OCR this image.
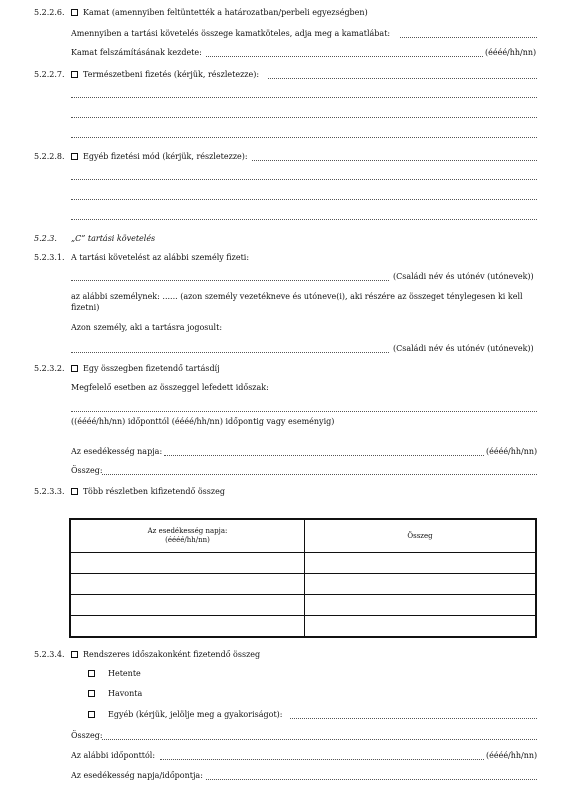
5.2.2.6. Kamat (amennyiben feltüntették a határozatban/perbeli egyezségben)
Amennyiben a tartási követelés összege kamatköteles, adja meg a kamatlábat:
Kamat felszámításának kezdete:	(éééé/hh/nn)
5.2.2.7. Természetbeni fizetés (kérjük, részletezze):
5.2.2.8. Egyéb fizetési mód (kérjük, részletezze):
5.2.3. „C” tartási követelés
5.2.3.1. A tartási követelést az alábbi személy fizeti:
(Családi név és utónév (utónevek))
az alábbi személynek: ...... (azon személy vezetékneve és utóneve(i), aki részére az összeget ténylegesen ki kell
fizetni)
Azon személy, aki a tartásra jogosult:
(Családi név és utónév (utónevek))
5.2.3.2. Egy összegben fizetendő tartásdíj
Megfelelő esetben az összeggel lefedett időszak:
((éééé/hh/nn) időponttól (éééé/hh/nn) időpontig vagy eseményig)
Az esedékesség napja:	(éééé/hh/nn)
Összeg:
5.2.3.3. Több részletben kifizetendő összeg
Az esedékesség napja:
(éééé/hh/nn)	Összeg

5.2.3.4. Rendszeres időszakonként fizetendő összeg
Hetente
Havonta
Egyéb (kérjük, jelölje meg a gyakoriságot):
Összeg:
Az alábbi időponttól:	(éééé/hh/nn)
Az esedékesség napja/időpontja:
